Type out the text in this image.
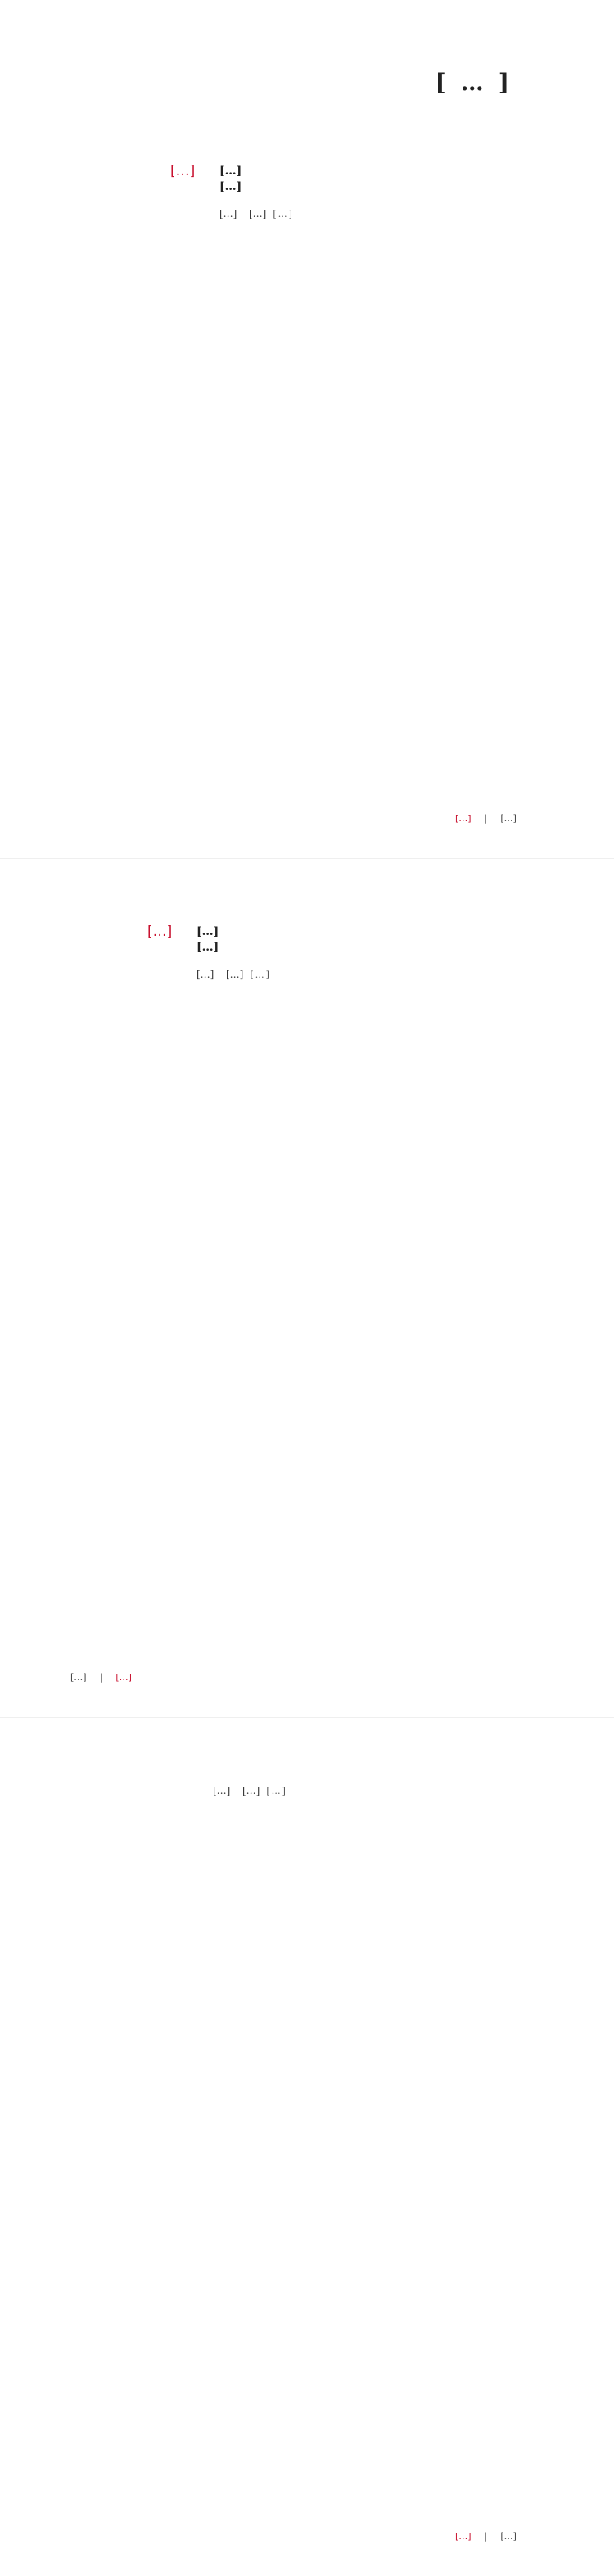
[…]
[…] […]
[…]
[…] […] […]
[…] | […]
[…] […]
[…]
[…] […] […]
[…] | […]
[…] […] […]
[…] | […]
